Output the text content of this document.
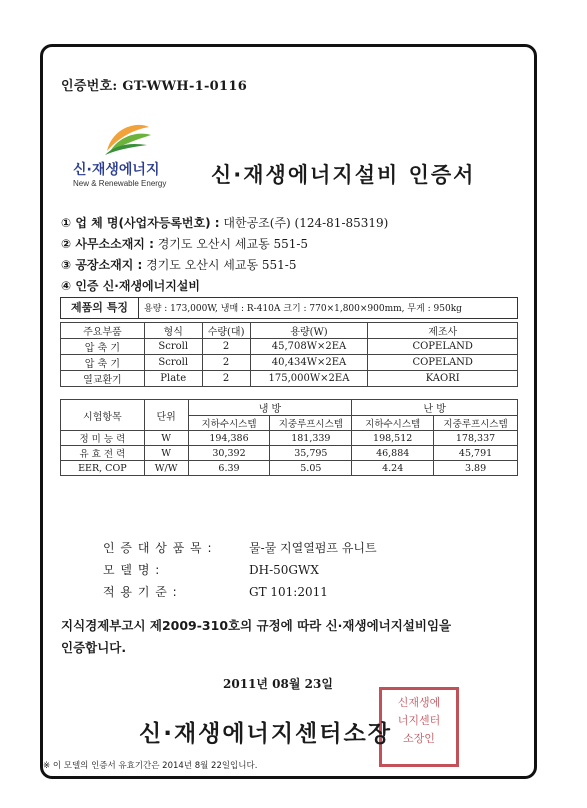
인증번호: GT-WWH-1-0116
신·재생에너지
New & Renewable Energy 신·재생에너지설비 인증서
① 업 체 명(사업자등록번호) : 대한공조(주) (124-81-85319)
② 사무소소재지 : 경기도 오산시 세교동 551-5
③ 공장소재지 : 경기도 오산시 세교동 551-5
④ 인증 신·재생에너지설비
제품의 특징 용량 : 173,000W, 냉매 : R-410A 크기 : 770×1,800×900mm, 무게 : 950kg
주요부품	형식	수량(대)	용량(W)	제조사
압 축 기	Scroll	2	45,708W×2EA	COPELAND
압 축 기	Scroll	2	40,434W×2EA	COPELAND
열교환기	Plate	2	175,000W×2EA	KAORI
시험항목	단위	냉 방		난 방	
		지하수시스템	지중루프시스템	지하수시스템	지중루프시스템
정 미 능 력	W	194,386	181,339	198,512	178,337
유 효 전 력	W	30,392	35,795	46,884	45,791
EER, COP	W/W	6.39	5.05	4.24	3.89
인 증 대 상 품 목 :	물-물 지열열펌프 유니트
모 델 명 :	DH-50GWX
적 용 기 준 :	GT 101:2011
지식경제부고시 제2009-310호의 규정에 따라 신·재생에너지설비임을
인증합니다.
2011년 08월 23일
신재생에
너지센터
소장인
신·재생에너지센터소장
※ 이 모델의 인증서 유효기간은 2014년 8월 22일입니다.
